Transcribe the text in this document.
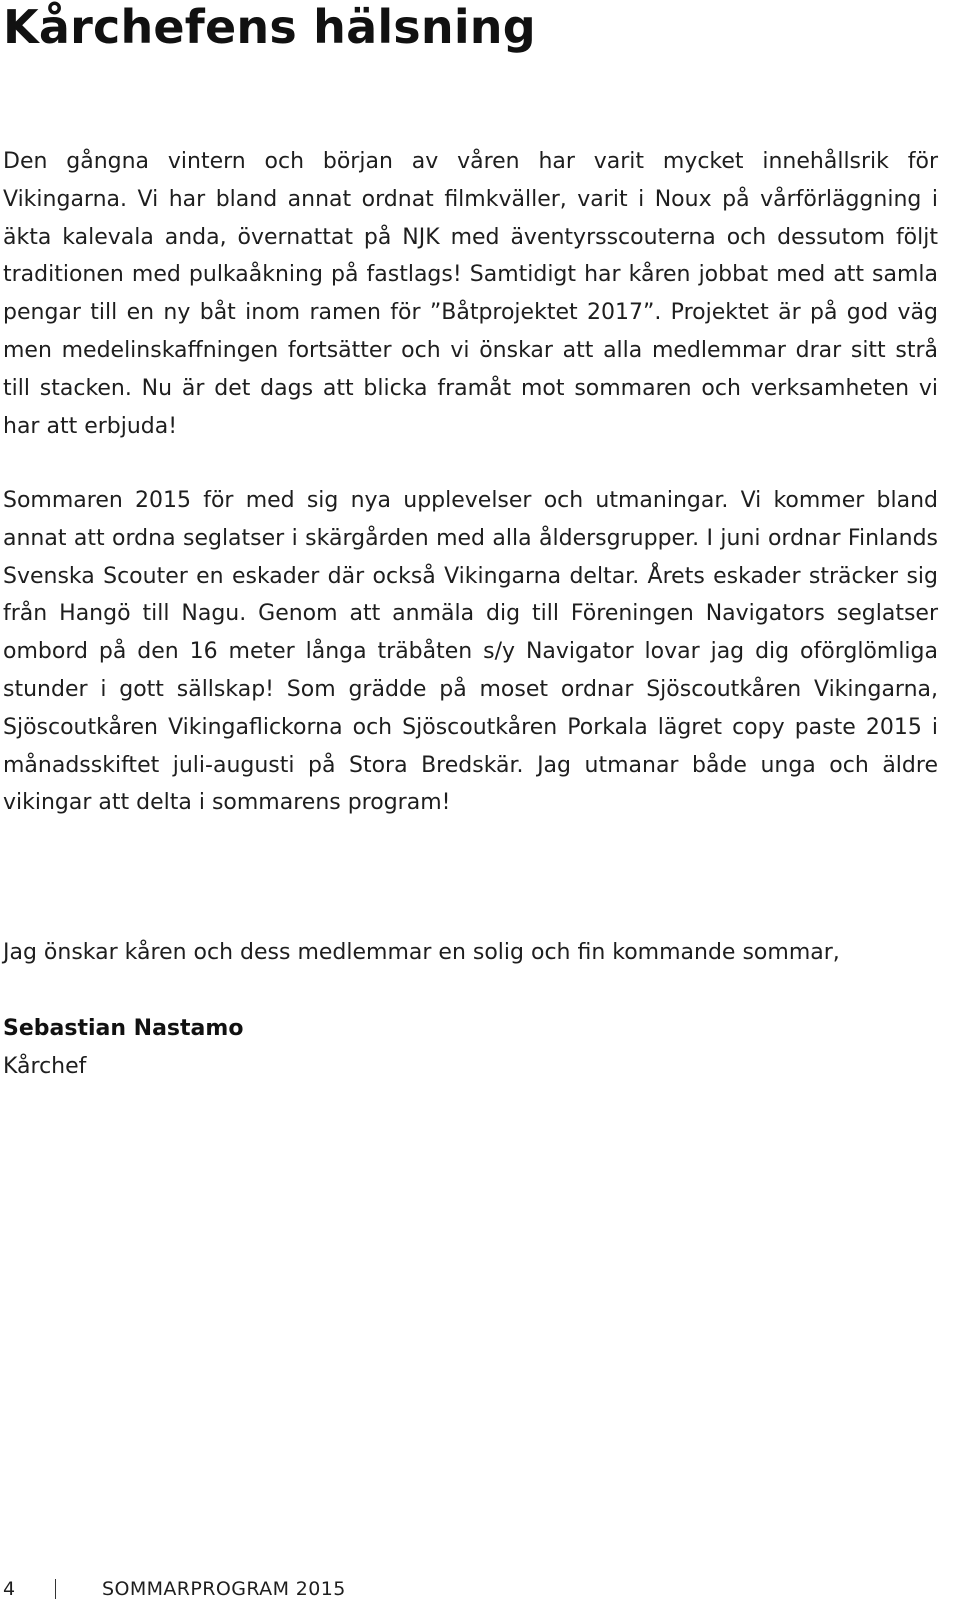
Kårchefens hälsning

Den gångna vintern och början av våren har varit mycket innehållsrik för Vikingarna. Vi har bland annat ordnat filmkväller, varit i Noux på vårförläggning i äkta kalevala anda, övernattat på NJK med äventyrsscouterna och dessutom följt traditionen med pulkaåkning på fastlags! Samtidigt har kåren jobbat med att samla pengar till en ny båt inom ramen för ”Båtprojektet 2017”. Projektet är på god väg men medelinskaffningen fortsätter och vi önskar att alla medlemmar drar sitt strå till stacken. Nu är det dags att blicka framåt mot sommaren och verksamheten vi har att erbjuda!

Sommaren 2015 för med sig nya upplevelser och utmaningar. Vi kommer bland annat att ordna seglatser i skärgården med alla åldersgrupper. I juni ordnar Finlands Svenska Scouter en eskader där också Vikingarna deltar. Årets eskader sträcker sig från Hangö till Nagu. Genom att anmäla dig till Föreningen Navigators seglatser ombord på den 16 meter långa träbåten s/y Navigator lovar jag dig oförglömliga stunder i gott sällskap! Som grädde på moset ordnar Sjöscoutkåren Vikingarna, Sjöscoutkåren Vikingaflickorna och Sjöscoutkåren Porkala lägret copy paste 2015 i månadsskiftet juli-augusti på Stora Bredskär. Jag utmanar både unga och äldre vikingar att delta i sommarens program!

Jag önskar kåren och dess medlemmar en solig och fin kommande sommar,

Sebastian Nastamo

Kårchef

4	SOMMARPROGRAM 2015
